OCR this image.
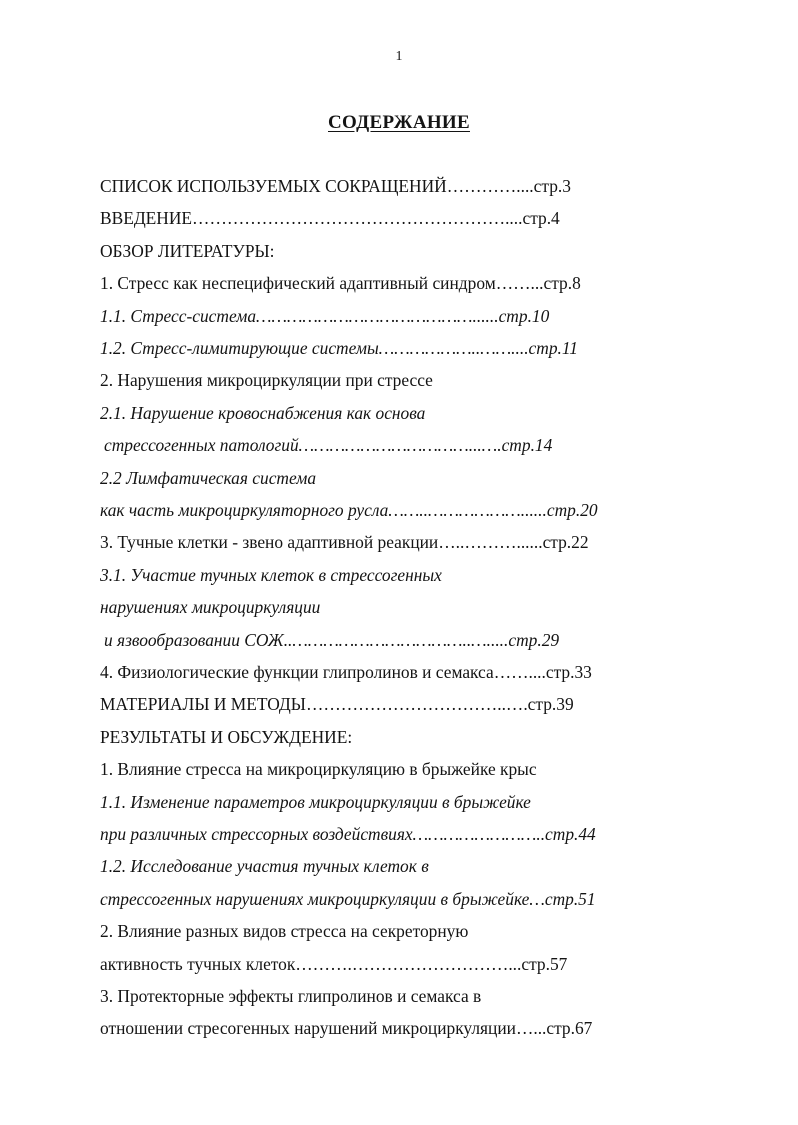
1
СОДЕРЖАНИЕ
СПИСОК ИСПОЛЬЗУЕМЫХ СОКРАЩЕНИЙ…………....стр.3
ВВЕДЕНИЕ………………………………………………....стр.4
ОБЗОР ЛИТЕРАТУРЫ:
1. Стресс как неспецифический адаптивный синдром……...стр.8
1.1. Стресс-система……………………………………......стр.10
1.2. Стресс-лимитирующие системы………………..……....стр.11
2. Нарушения микроциркуляции при стрессе
2.1. Нарушение кровоснабжения как основа
стрессогенных патологий……………………………...….стр.14
2.2 Лимфатическая система
как часть микроциркуляторного русла……..………………......стр.20
3. Тучные клетки - звено адаптивной реакции…..………......стр.22
3.1. Участие тучных клеток в стрессогенных
нарушениях микроциркуляции
и язвообразовании СОЖ..……………………………..….....стр.29
4. Физиологические функции глипролинов и семакса……....стр.33
МАТЕРИАЛЫ И МЕТОДЫ……………………………..….стр.39
РЕЗУЛЬТАТЫ И ОБСУЖДЕНИЕ:
1. Влияние стресса на микроциркуляцию в брыжейке крыс
1.1. Изменение параметров микроциркуляции в брыжейке
при различных стрессорных воздействиях……………………..стр.44
1.2. Исследование участия тучных клеток в
стрессогенных нарушениях микроциркуляции в брыжейке…стр.51
2. Влияние разных видов стресса на секреторную
активность тучных клеток……….………………………...стр.57
3. Протекторные эффекты глипролинов и семакса в
отношении стресогенных нарушений микроциркуляции…...стр.67
